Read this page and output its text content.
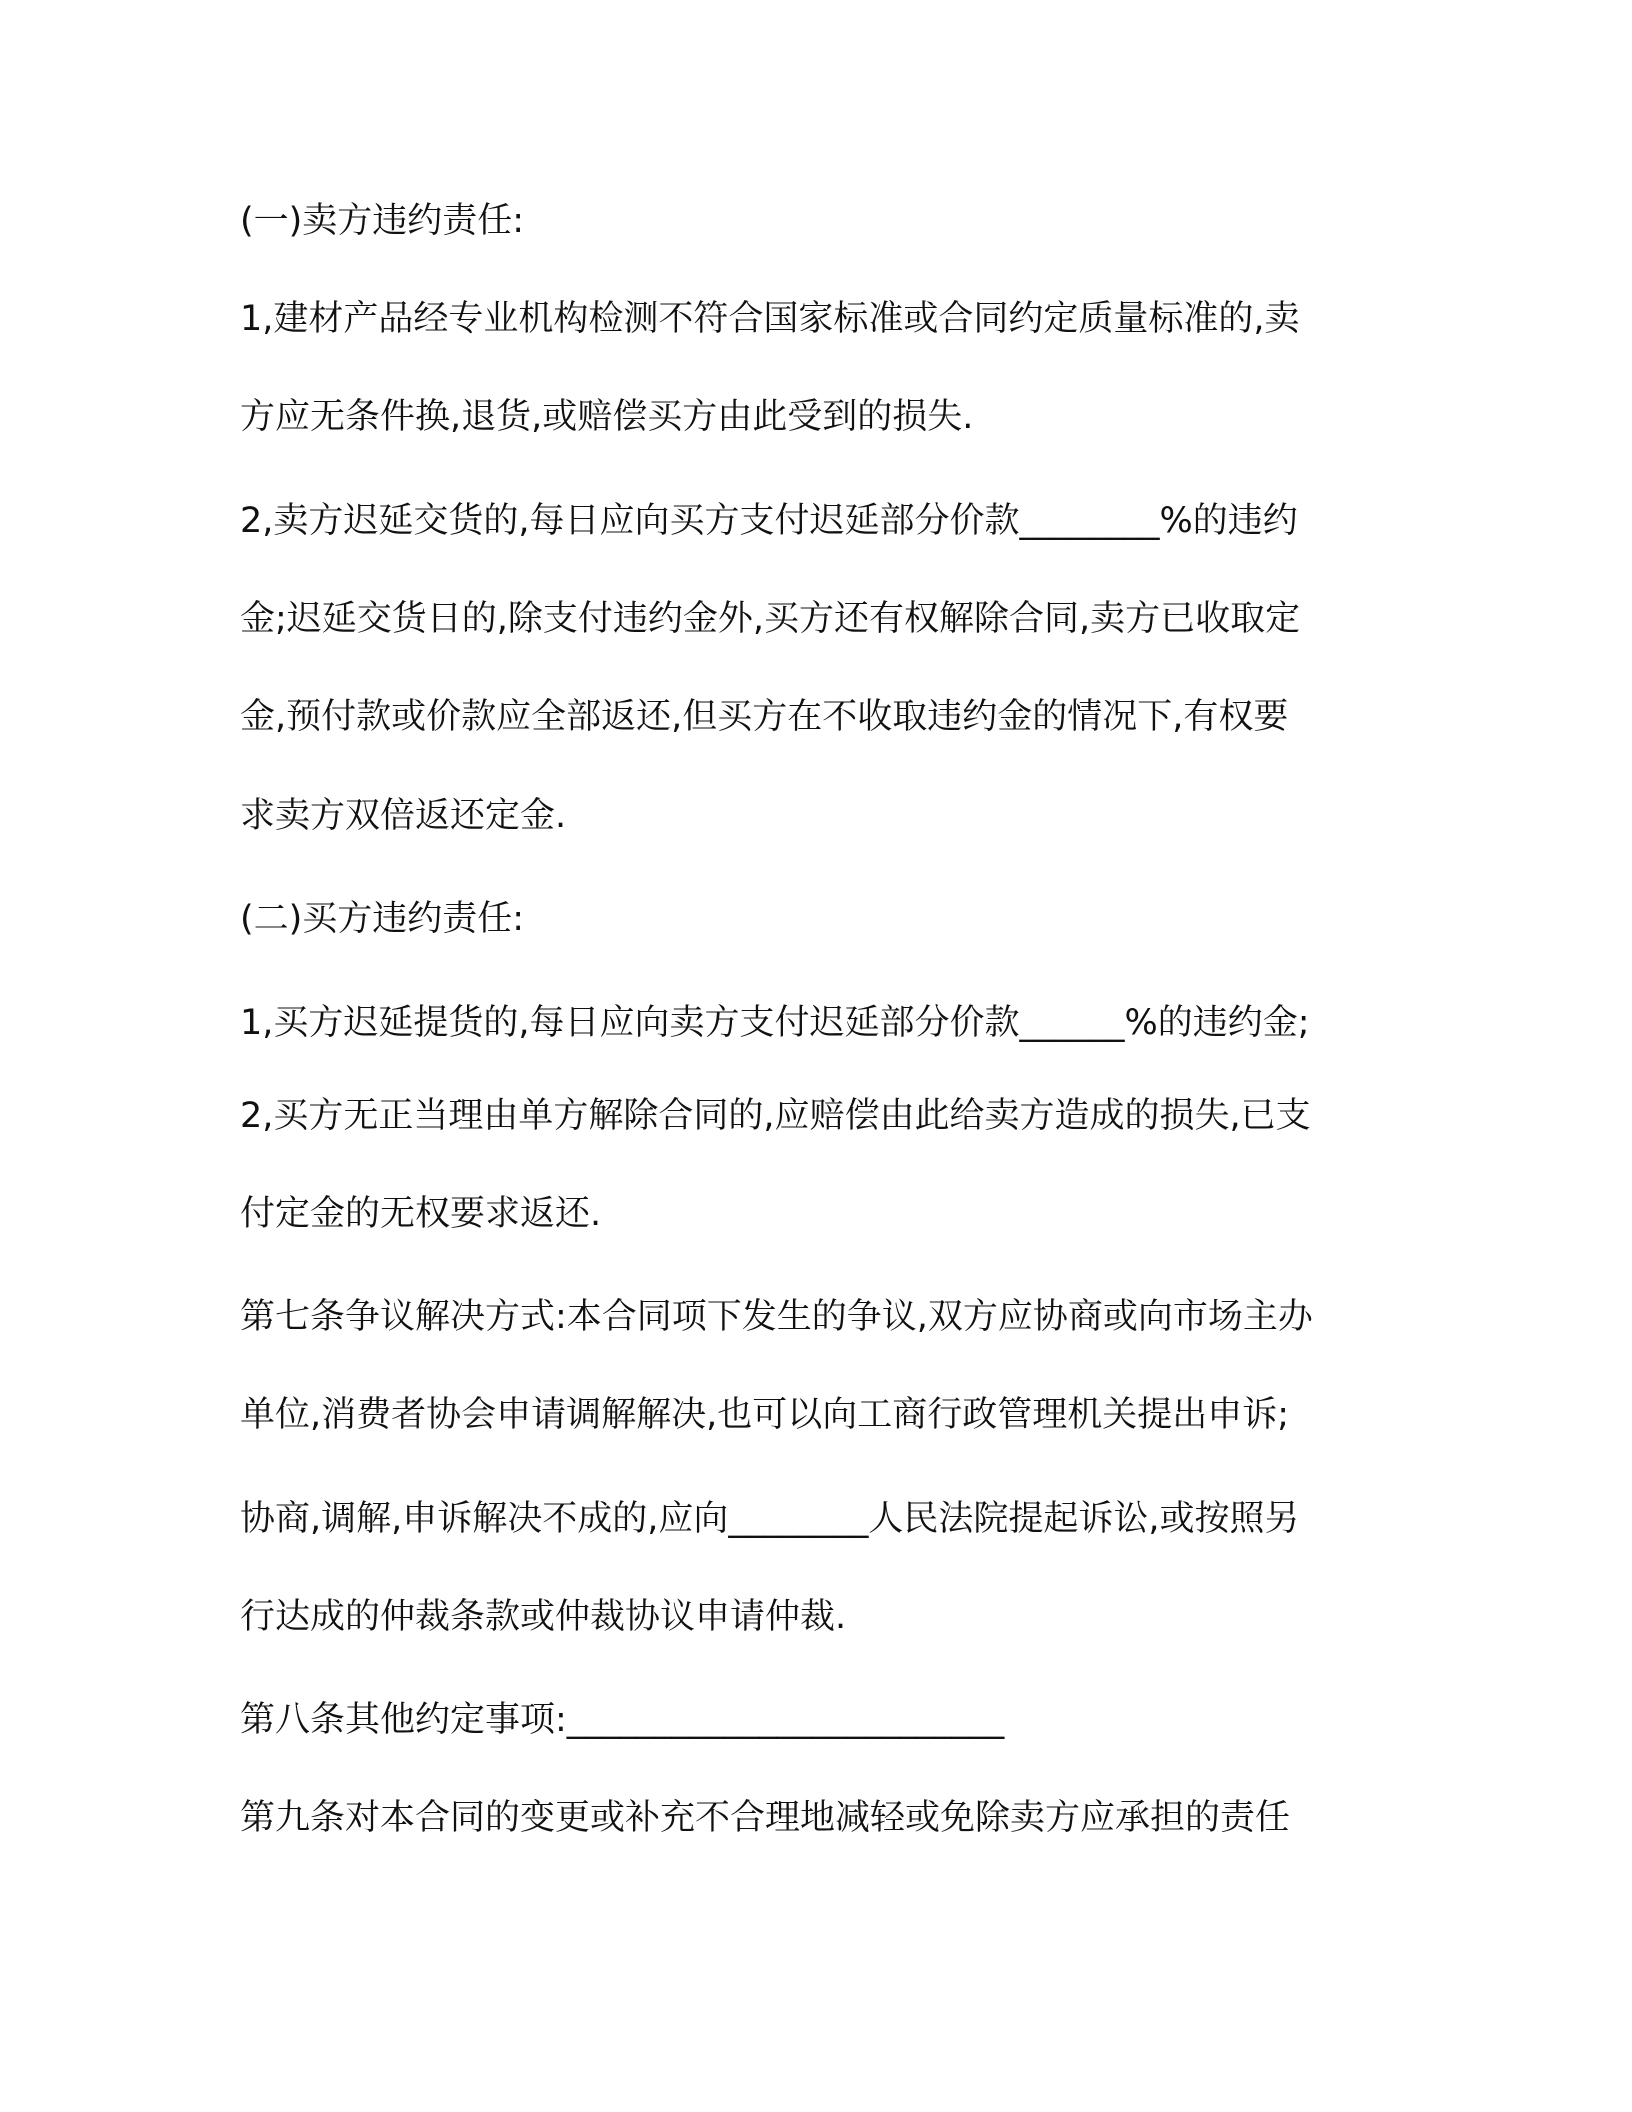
(一)卖方违约责任:

1,建材产品经专业机构检测不符合国家标准或合同约定质量标准的,卖

方应无条件换,退货,或赔偿买方由此受到的损失.

2,卖方迟延交货的,每日应向买方支付迟延部分价款________%的违约

金;迟延交货日的,除支付违约金外,买方还有权解除合同,卖方已收取定

金,预付款或价款应全部返还,但买方在不收取违约金的情况下,有权要

求卖方双倍返还定金.

(二)买方违约责任:

1,买方迟延提货的,每日应向卖方支付迟延部分价款______%的违约金;

2,买方无正当理由单方解除合同的,应赔偿由此给卖方造成的损失,已支

付定金的无权要求返还.

第七条争议解决方式:本合同项下发生的争议,双方应协商或向市场主办

单位,消费者协会申请调解解决,也可以向工商行政管理机关提出申诉;

协商,调解,申诉解决不成的,应向________人民法院提起诉讼,或按照另

行达成的仲裁条款或仲裁协议申请仲裁.

第八条其他约定事项:_________________________

第九条对本合同的变更或补充不合理地减轻或免除卖方应承担的责任
